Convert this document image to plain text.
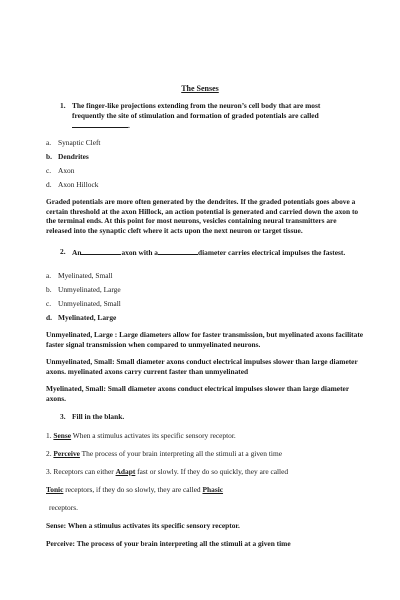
The Senses
1. The finger-like projections extending from the neuron’s cell body that are most frequently the site of stimulation and formation of graded potentials are called .
a. Synaptic Cleft
b. Dendrites
c. Axon
d. Axon Hillock
Graded potentials are more often generated by the dendrites. If the graded potentials goes above a certain threshold at the axon Hillock, an action potential is generated and carried down the axon to the terminal ends. At this point for most neurons, vesicles containing neural transmitters are released into the synaptic cleft where it acts upon the next neuron or target tissue.
2. An	axon with a	diameter carries electrical impulses the fastest.
a. Myelinated, Small
b. Unmyelinated, Large
c. Unmyelinated, Small
d. Myelinated, Large
Unmyelinated, Large : Large diameters allow for faster transmission, but myelinated axons facilitate faster signal transmission when compared to unmyelinated neurons.
Unmyelinated, Small: Small diameter axons conduct electrical impulses slower than large diameter axons. myelinated axons carry current faster than unmyelinated
Myelinated, Small: Small diameter axons conduct electrical impulses slower than large diameter axons.
3. Fill in the blank.
1. Sense When a stimulus activates its specific sensory receptor.
2. Perceive The process of your brain interpreting all the stimuli at a given time
3. Receptors can either Adapt fast or slowly. If they do so quickly, they are called
Tonic receptors, if they do so slowly, they are called Phasic
receptors.
Sense: When a stimulus activates its specific sensory receptor.
Perceive: The process of your brain interpreting all the stimuli at a given time
